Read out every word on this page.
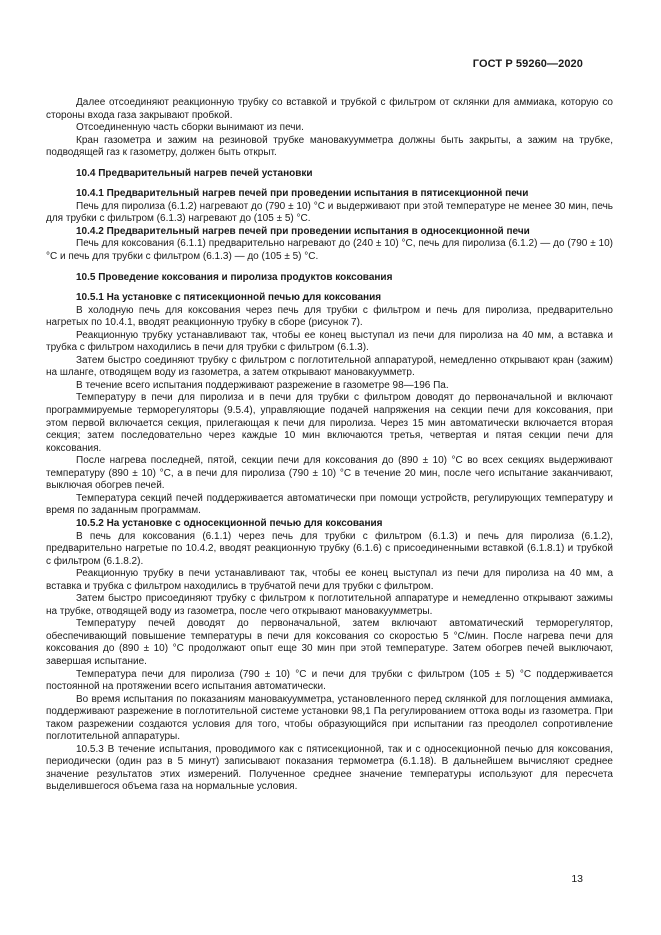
ГОСТ Р 59260—2020

Далее отсоединяют реакционную трубку со вставкой и трубкой с фильтром от склянки для аммиака, которую со стороны входа газа закрывают пробкой.

Отсоединенную часть сборки вынимают из печи.

Кран газометра и зажим на резиновой трубке мановакуумметра должны быть закрыты, а зажим на трубке, подводящей газ к газометру, должен быть открыт.

10.4 Предварительный нагрев печей установки

10.4.1 Предварительный нагрев печей при проведении испытания в пятисекционной печи

Печь для пиролиза (6.1.2) нагревают до (790 ± 10) °С и выдерживают при этой температуре не менее 30 мин, печь для трубки с фильтром (6.1.3) нагревают до (105 ± 5) °С.

10.4.2 Предварительный нагрев печей при проведении испытания в односекционной печи

Печь для коксования (6.1.1) предварительно нагревают до (240 ± 10) °С, печь для пиролиза (6.1.2) — до (790 ± 10) °С и печь для трубки с фильтром (6.1.3) — до (105 ± 5) °С.

10.5 Проведение коксования и пиролиза продуктов коксования

10.5.1 На установке с пятисекционной печью для коксования

В холодную печь для коксования через печь для трубки с фильтром и печь для пиролиза, предварительно нагретых по 10.4.1, вводят реакционную трубку в сборе (рисунок 7).

Реакционную трубку устанавливают так, чтобы ее конец выступал из печи для пиролиза на 40 мм, а вставка и трубка с фильтром находились в печи для трубки с фильтром (6.1.3).

Затем быстро соединяют трубку с фильтром с поглотительной аппаратурой, немедленно открывают кран (зажим) на шланге, отводящем воду из газометра, а затем открывают мановакуумметр.

В течение всего испытания поддерживают разрежение в газометре 98—196 Па.

Температуру в печи для пиролиза и в печи для трубки с фильтром доводят до первоначальной и включают программируемые терморегуляторы (9.5.4), управляющие подачей напряжения на секции печи для коксования, при этом первой включается секция, прилегающая к печи для пиролиза. Через 15 мин автоматически включается вторая секция; затем последовательно через каждые 10 мин включаются третья, четвертая и пятая секции печи для коксования.

После нагрева последней, пятой, секции печи для коксования до (890 ± 10) °С во всех секциях выдерживают температуру (890 ± 10) °С, а в печи для пиролиза (790 ± 10) °С в течение 20 мин, после чего испытание заканчивают, выключая обогрев печей.

Температура секций печей поддерживается автоматически при помощи устройств, регулирующих температуру и время по заданным программам.

10.5.2 На установке с односекционной печью для коксования

В печь для коксования (6.1.1) через печь для трубки с фильтром (6.1.3) и печь для пиролиза (6.1.2), предварительно нагретые по 10.4.2, вводят реакционную трубку (6.1.6) с присоединенными вставкой (6.1.8.1) и трубкой с фильтром (6.1.8.2).

Реакционную трубку в печи устанавливают так, чтобы ее конец выступал из печи для пиролиза на 40 мм, а вставка и трубка с фильтром находились в трубчатой печи для трубки с фильтром.

Затем быстро присоединяют трубку с фильтром к поглотительной аппаратуре и немедленно открывают зажимы на трубке, отводящей воду из газометра, после чего открывают мановакуумметры.

Температуру печей доводят до первоначальной, затем включают автоматический терморегулятор, обеспечивающий повышение температуры в печи для коксования со скоростью 5 °С/мин. После нагрева печи для коксования до (890 ± 10) °С продолжают опыт еще 30 мин при этой температуре. Затем обогрев печей выключают, завершая испытание.

Температура печи для пиролиза (790 ± 10) °С и печи для трубки с фильтром (105 ± 5) °С поддерживается постоянной на протяжении всего испытания автоматически.

Во время испытания по показаниям мановакуумметра, установленного перед склянкой для поглощения аммиака, поддерживают разрежение в поглотительной системе установки 98,1 Па регулированием оттока воды из газометра. При таком разрежении создаются условия для того, чтобы образующийся при испытании газ преодолел сопротивление поглотительной аппаратуры.

10.5.3 В течение испытания, проводимого как с пятисекционной, так и с односекционной печью для коксования, периодически (один раз в 5 минут) записывают показания термометра (6.1.18). В дальнейшем вычисляют среднее значение результатов этих измерений. Полученное среднее значение температуры используют для пересчета выделившегося объема газа на нормальные условия.

13
